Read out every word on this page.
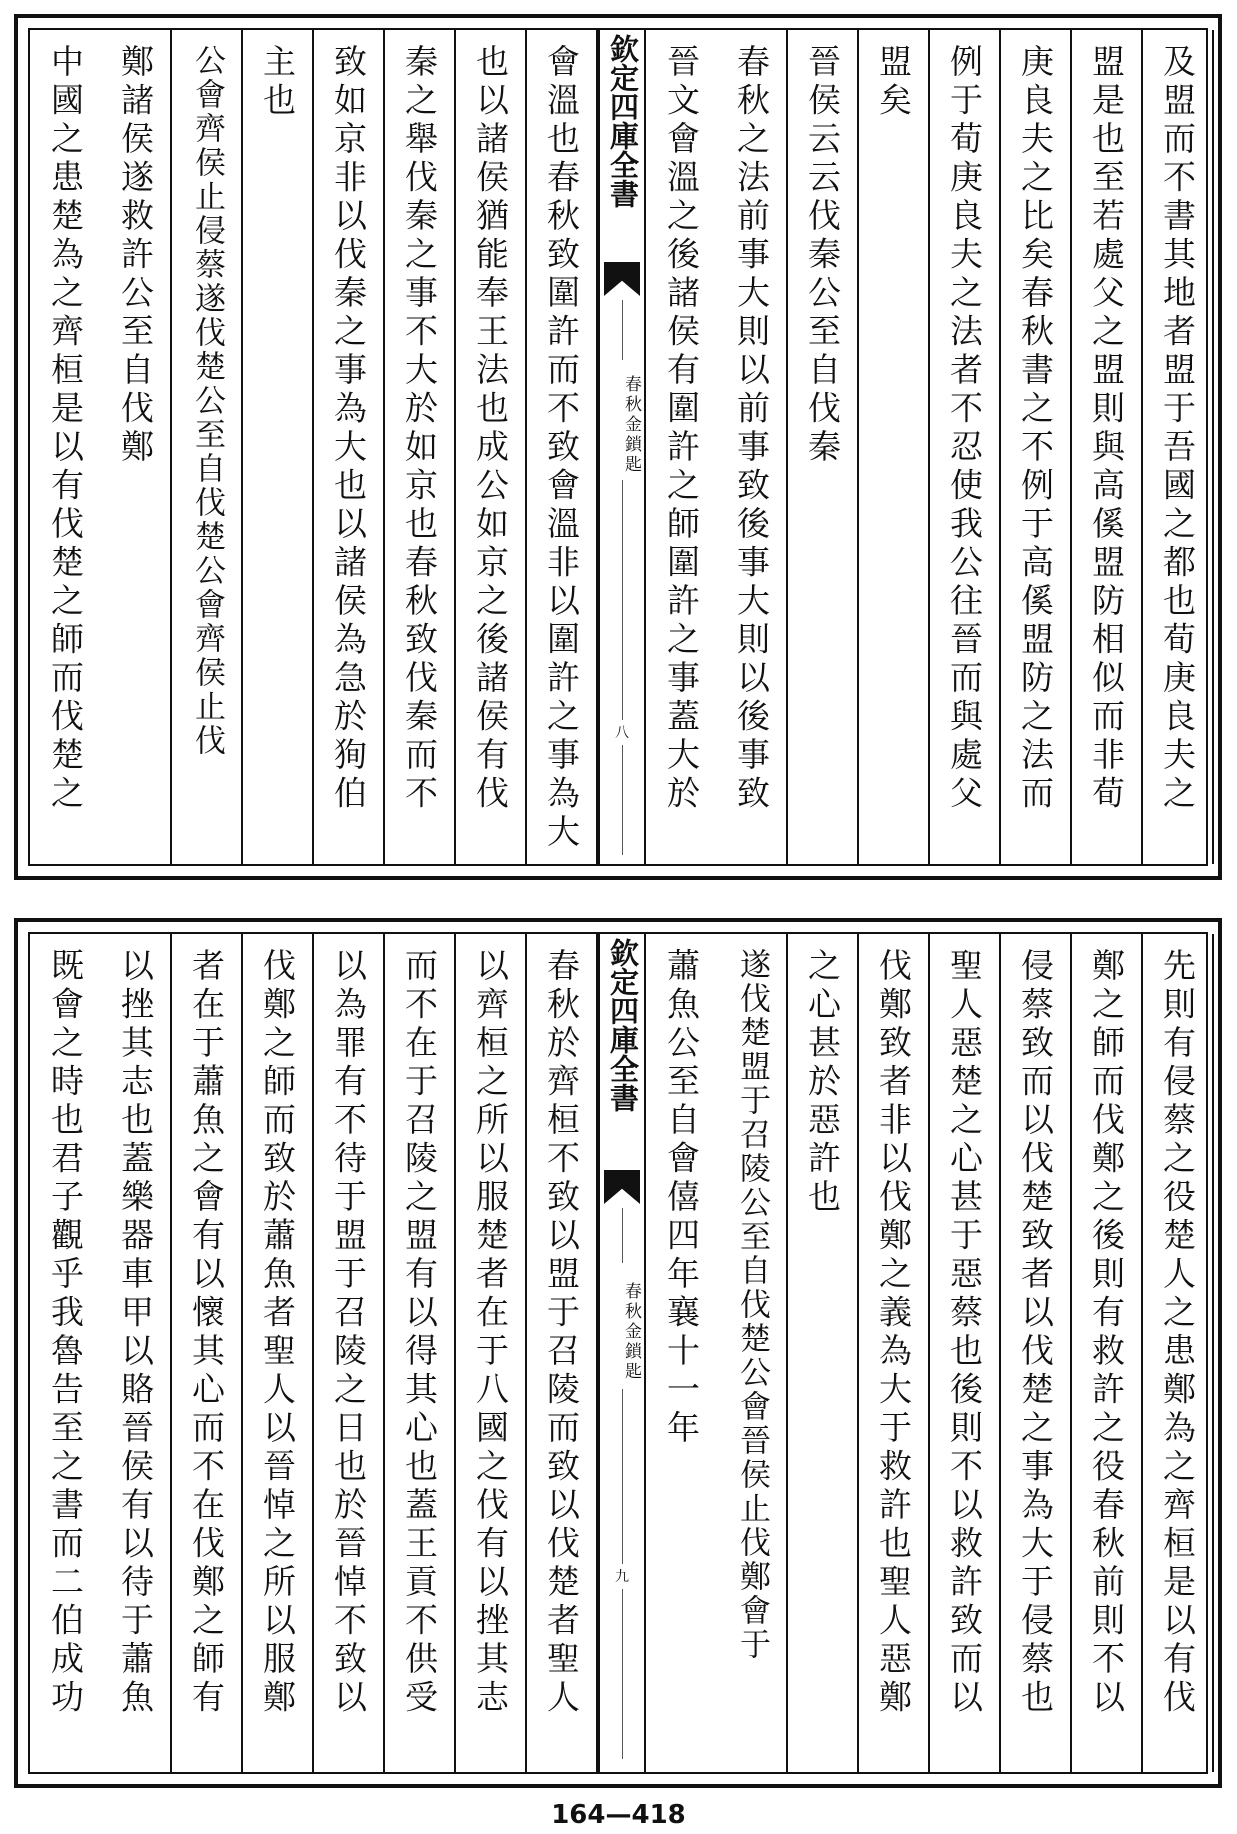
及盟而不書其地者盟于吾國之都也荀庚良夫之
盟是也至若處父之盟則與高傒盟防相似而非荀
庚良夫之比矣春秋書之不例于高傒盟防之法而
例于荀庚良夫之法者不忍使我公往晉而與處父
盟矣
晉侯云云伐秦公至自伐秦
春秋之法前事大則以前事致後事大則以後事致
晉文會溫之後諸侯有圍許之師圍許之事蓋大於
欽定四庫全書
春秋金鎖匙
八
會溫也春秋致圍許而不致會溫非以圍許之事為大
也以諸侯猶能奉王法也成公如京之後諸侯有伐
秦之舉伐秦之事不大於如京也春秋致伐秦而不
致如京非以伐秦之事為大也以諸侯為急於狥伯
主也
公會齊侯止侵蔡遂伐楚公至自伐楚公會齊侯止伐
鄭諸侯遂救許公至自伐鄭
中國之患楚為之齊桓是以有伐楚之師而伐楚之
先則有侵蔡之役楚人之患鄭為之齊桓是以有伐
鄭之師而伐鄭之後則有救許之役春秋前則不以
侵蔡致而以伐楚致者以伐楚之事為大于侵蔡也
聖人惡楚之心甚于惡蔡也後則不以救許致而以
伐鄭致者非以伐鄭之義為大于救許也聖人惡鄭
之心甚於惡許也
遂伐楚盟于召陵公至自伐楚公會晉侯止伐鄭會于
蕭魚公至自會僖四年襄十一年
欽定四庫全書
春秋金鎖匙
九
春秋於齊桓不致以盟于召陵而致以伐楚者聖人
以齊桓之所以服楚者在于八國之伐有以挫其志
而不在于召陵之盟有以得其心也蓋王貢不供受
以為罪有不待于盟于召陵之日也於晉悼不致以
伐鄭之師而致於蕭魚者聖人以晉悼之所以服鄭
者在于蕭魚之會有以懷其心而不在伐鄭之師有
以挫其志也蓋樂器車甲以賂晉侯有以待于蕭魚
既會之時也君子觀乎我魯告至之書而二伯成功
164—418
